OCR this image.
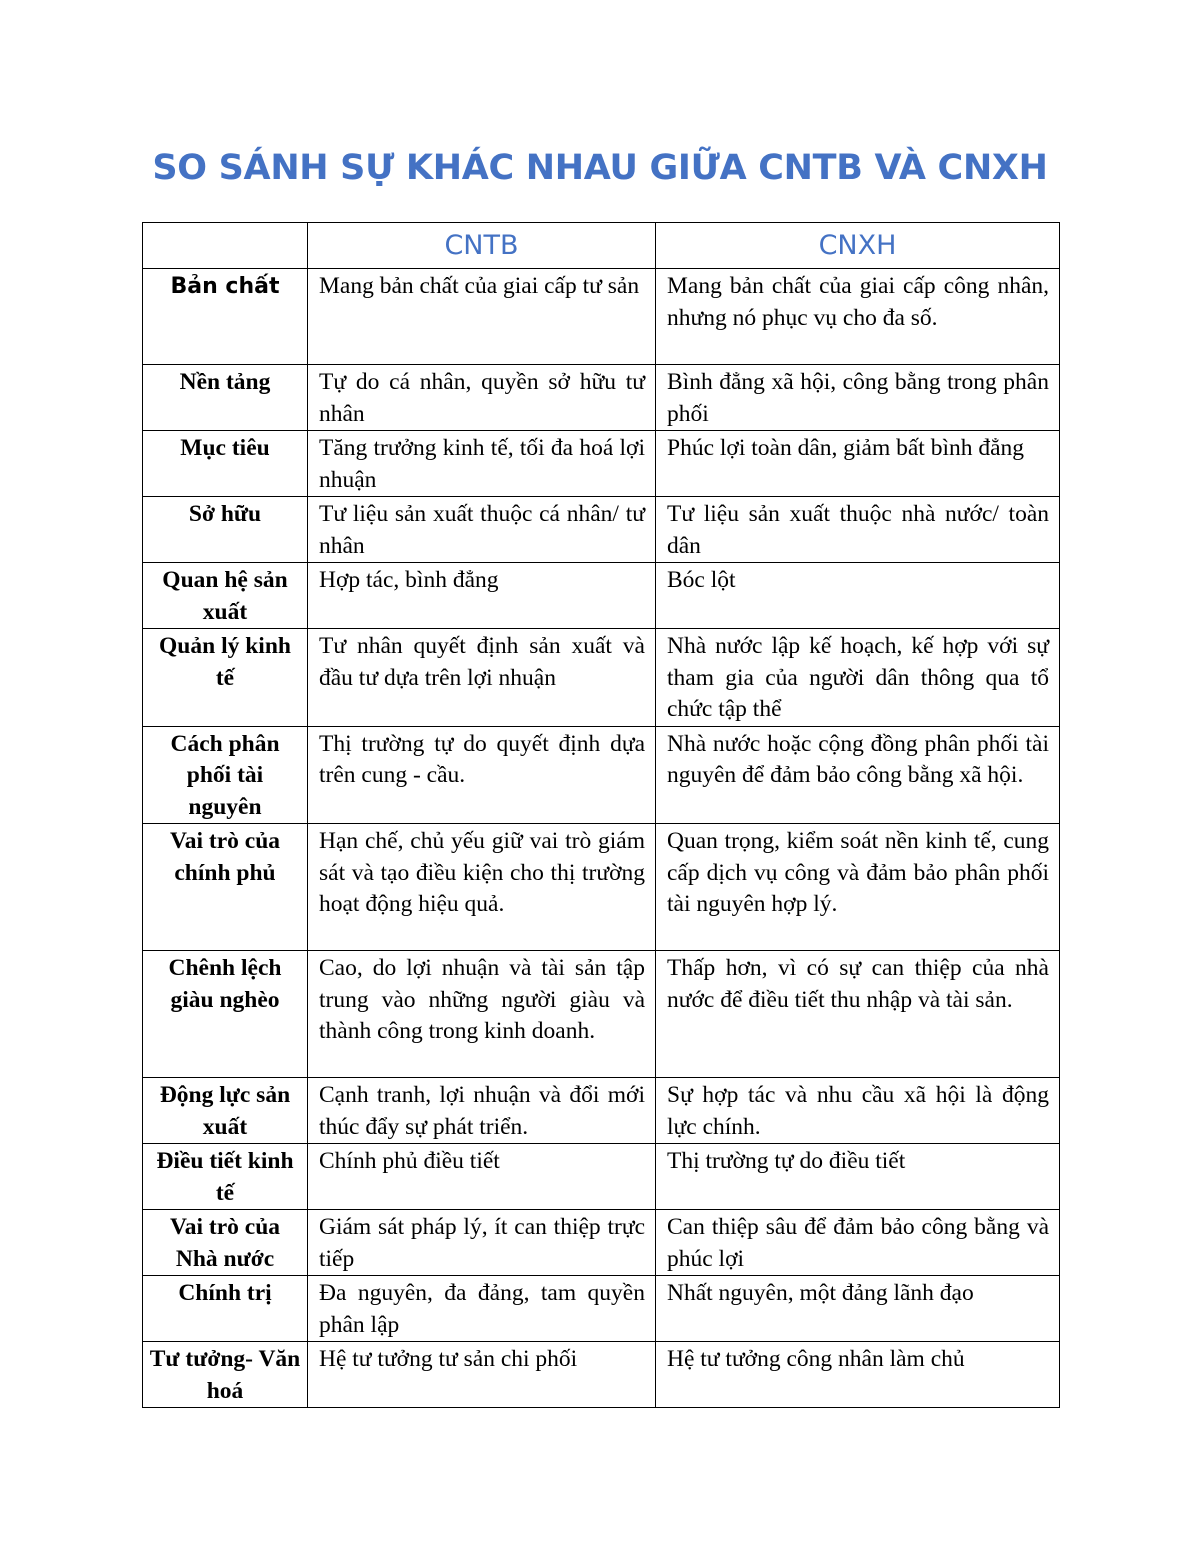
SO SÁNH SỰ KHÁC NHAU GIỮA CNTB VÀ CNXH
	CNTB	CNXH
Bản chất	Mang bản chất của giai cấp tư sản	Mang bản chất của giai cấp công nhân, nhưng nó phục vụ cho đa số.
Nền tảng	Tự do cá nhân, quyền sở hữu tư nhân	Bình đẳng xã hội, công bằng trong phân phối
Mục tiêu	Tăng trưởng kinh tế, tối đa hoá lợi nhuận	Phúc lợi toàn dân, giảm bất bình đẳng
Sở hữu	Tư liệu sản xuất thuộc cá nhân/ tư nhân	Tư liệu sản xuất thuộc nhà nước/ toàn dân
Quan hệ sản xuất	Hợp tác, bình đẳng	Bóc lột
Quản lý kinh tế	Tư nhân quyết định sản xuất và đầu tư dựa trên lợi nhuận	Nhà nước lập kế hoạch, kế hợp với sự tham gia của người dân thông qua tổ chức tập thể
Cách phân phối tài nguyên	Thị trường tự do quyết định dựa trên cung - cầu.	Nhà nước hoặc cộng đồng phân phối tài nguyên để đảm bảo công bằng xã hội.
Vai trò của chính phủ	Hạn chế, chủ yếu giữ vai trò giám sát và tạo điều kiện cho thị trường hoạt động hiệu quả.	Quan trọng, kiểm soát nền kinh tế, cung cấp dịch vụ công và đảm bảo phân phối tài nguyên hợp lý.
Chênh lệch giàu nghèo	Cao, do lợi nhuận và tài sản tập trung vào những người giàu và thành công trong kinh doanh.	Thấp hơn, vì có sự can thiệp của nhà nước để điều tiết thu nhập và tài sản.
Động lực sản xuất	Cạnh tranh, lợi nhuận và đổi mới thúc đẩy sự phát triển.	Sự hợp tác và nhu cầu xã hội là động lực chính.
Điều tiết kinh tế	Chính phủ điều tiết	Thị trường tự do điều tiết
Vai trò của Nhà nước	Giám sát pháp lý, ít can thiệp trực tiếp	Can thiệp sâu để đảm bảo công bằng và phúc lợi
Chính trị	Đa nguyên, đa đảng, tam quyền phân lập	Nhất nguyên, một đảng lãnh đạo
Tư tưởng- Văn hoá	Hệ tư tưởng tư sản chi phối	Hệ tư tưởng công nhân làm chủ
